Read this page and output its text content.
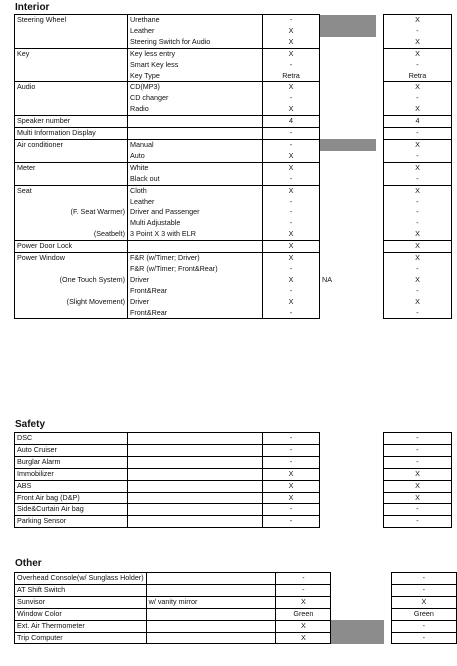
Interior
Steering Wheel	Urethane	-			X
	Leather	X			-
	Steering Switch for Audio	X			X
Key	Key less entry	X			X
	Smart Key less	-			-
	Key Type	Retra			Retra
Audio	CD(MP3)	X			X
	CD changer	-			-
	Radio	X			X
Speaker number		4			4
Multi Information Display		-			-
Air conditioner	Manual	-			X
	Auto	X			-
Meter	White	X			X
	Black out	-			-
Seat	Cloth	X			X
	Leather	-			-
(F. Seat Warmer)	Driver and Passenger	-			-
	Multi Adjustable	-			-
(Seatbelt)	3 Point X 3 with ELR	X			X
Power Door Lock		X			X
Power Window	F&R (w/Timer; Driver)	X			X
	F&R (w/Timer; Front&Rear)	-			-
(One Touch System)	Driver	X	NA		X
	Front&Rear	-			-
(Slight Movement)	Driver	X			X
	Front&Rear	-			-
Safety
DSC		-			-
Auto Cruiser		-			-
Burglar Alarm		-			-
Immobilizer		X			X
ABS		X			X
Front Air bag (D&P)		X			X
Side&Curtain Air bag		-			-
Parking Sensor		-			-
Other
Overhead Console(w/ Sunglass Holder)		-			-
AT Shift Switch		-			-
Sunvisor	w/ vanity mirror	X			X
Window Color		Green			Green
Ext. Air Thermometer		X			-
Trip Computer		X			-
